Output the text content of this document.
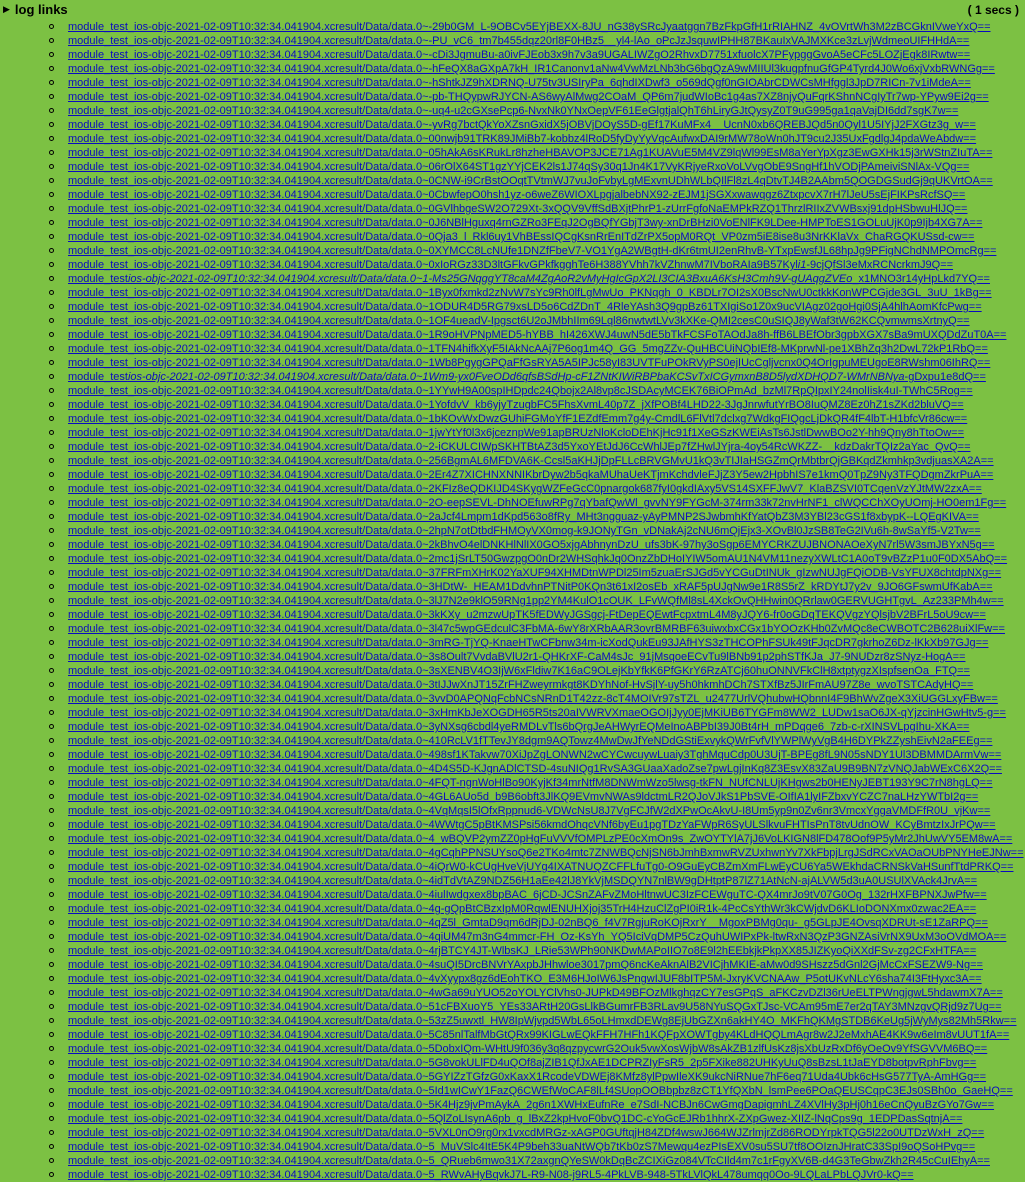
▶ log links	( 1 secs )
module_test_ios-objc-2021-02-09T10:32:34.041904.xcresult/Data/data.0~-29b0GM_L-9OBCv5EYjBEXX-8JU_nG38ySRcJyaatggn7BzFkpGfH1rRIAHNZ_4vOVrtWh3M2zBCGknIVweYxQ==
module_test_ios-objc-2021-02-09T10:32:34.041904.xcresult/Data/data.0~-PU_vC6_tm7b455dqz20rl8F0HBz5__yl4-lAo_oPcJzJsquwIPHH87BKauIxVAJMXKce3zLvjWdmeoUIFHHdA==
module_test_ios-objc-2021-02-09T10:32:34.041904.xcresult/Data/data.0~-cDi3JgmuBu-a0ivFJEob3x9h7v3a9UGALIWZgO2RhvxD7751xfuolcX7PFypggGvoA5eCFc5LOZjEgk8IRwtw==
module_test_ios-objc-2021-02-09T10:32:34.041904.xcresult/Data/data.0~-hFeQX8aGXpA7kH_IR1Canonv1aNw4VwMzLNb3bG6bgQzA9wMIIUl3kugpfnuGfGP4Tyrd4J0Wo6xjVxbRWNGg==
module_test_ios-objc-2021-02-09T10:32:34.041904.xcresult/Data/data.0~-hShtkJZ9hXDRNQ-U75tv3USIryPa_6qhdIXDwf3_o569dQgf0nGIOAbrCDWCsMHfggl3JpD7RICn-7v1iMdeA==
module_test_ios-objc-2021-02-09T10:32:34.041904.xcresult/Data/data.0~-pb-THQypwRJYCN-AS6wyAlMwg2COaM_QP6m7judWIoBc1g4as7XZ8njyQuFqrKShnNCgIyTr7wp-YPyw9Ei2g==
module_test_ios-objc-2021-02-09T10:32:34.041904.xcresult/Data/data.0~-uq4-u2cGXsePcp6-NvxNk0YNxOepVF61EeGlgtjalQhT6hLiryGJtQysyZ0T9uG995ga1qaVajDI6dd7sgK7w==
module_test_ios-objc-2021-02-09T10:32:34.041904.xcresult/Data/data.0~-yvRg7bctQkYoXZsnGxidX5jOBVjDOyS5D-gEf17KuMFx4__UcnN0xb6QREBJQd5n0Qyl1U5IYjJ2FXGtz3g_w==
module_test_ios-objc-2021-02-09T10:32:34.041904.xcresult/Data/data.0~00nwjb91TRK89JMiBb7-kobbz4lRoD5fyDyYyVqcAufwxDAI9rMW78oWn0hJT9cu2J35UxFgdlgJ4pdaWeAbdw==
module_test_ios-objc-2021-02-09T10:32:34.041904.xcresult/Data/data.0~05hAkA6sKRukLr8hzheHBAVOP3JCE71Ag1KUAVuE5M4VZ9lqWl99EsM8aYerYpXgz3EwGXHk15j3rWStnZIuTA==
module_test_ios-objc-2021-02-09T10:32:34.041904.xcresult/Data/data.0~06rOlX64ST1gzYYjCEK2ls1J74qSy30q1Jn4K17VyKRjyeRxoVoLVvgObE9SngHf1hVODjPAmeiviSNlAx-VQg==
module_test_ios-objc-2021-02-09T10:32:34.041904.xcresult/Data/data.0~0CNW-i9CrBstOOqtTVtmWJ7vuJoFvbyLgMExvnUDhWLbQIlFl8zL4qDtvTJ4B2AAbm5QOGDGSudGj9qUKVrtOA==
module_test_ios-objc-2021-02-09T10:32:34.041904.xcresult/Data/data.0~0CbwfepO0hsh1yz-o6weZ6WIOXLpgjalbebNX92-zEJM1jSGXxwawqgz6ZtxpcvX7rH7lJeU5sEjFIKPsRcfSQ==
module_test_ios-objc-2021-02-09T10:32:34.041904.xcresult/Data/data.0~0GVlhbgeSW2O729Xt-3xQQV9VffSdBXjtPhrP1-zUrrFgfoNaEMPkRZQ1ThrzlRIIxZVWBsxj91dpHSbwuHlJQ==
module_test_ios-objc-2021-02-09T10:32:34.041904.xcresult/Data/data.0~0J6NBlHguxq4rnGZRo3FEqJ2OgBQfYGbjT3wy-xnDrBHzi0VoENlFK9LDee-HMPToES1GOLuUjK0p9Ijb4XG7A==
module_test_ios-objc-2021-02-09T10:32:34.041904.xcresult/Data/data.0~0Qja3_l_Rkl6uy1VhBEssIQCgKsnRrEnITdZrPX5opM0RQt_VP0zm5iE8ise8u3NrKKlaVx_ChaRGQKUSsd-cw==
module_test_ios-objc-2021-02-09T10:32:34.041904.xcresult/Data/data.0~0XYMCC8LcNUfe1DNZfFbeV7-VO1YgA2WBgtH-dKr6tmUI2enRhvB-YTxpEwsfJL68hpJg9PFigNChdNMPOmcRg==
module_test_ios-objc-2021-02-09T10:32:34.041904.xcresult/Data/data.0~0xIoRGz33D3ltGFkvGPkfkgghTe6H388YVhh7kVZhnwM7IVboRAIa9B57Kyli1-9cjQfSl3eMxRCNcrkmJ9Q==
module_testios-objc-2021-02-09T10:32:34.041904.xcresult/Data/data.0~1-Ms25GNqggYT8caM4ZgAoR2vMyHgIcGpX2LI3CIA3BxuA6KsH3Cmh9V-gUAqgZVEo_x1MNO3r14yHpLkd7YQ==
module_test_ios-objc-2021-02-09T10:32:34.041904.xcresult/Data/data.0~1Byx0fxmkd2zNvW7sYc9Rh0lfLgMwUo_PKNqgh_0_KBDLr7OI2sX0BscNwU0ctkkKonWPCGjde3GL_3uU_1kBg==
module_test_ios-objc-2021-02-09T10:32:34.041904.xcresult/Data/data.0~1ODUR4D5RG79xsLD5o6CdZDnT_4RleYAsh3Q9gpBz61TXIgiSo1Z0x9ucVIAgz02goHgi0SjA4hlhAomKfcPwg==
module_test_ios-objc-2021-02-09T10:32:34.041904.xcresult/Data/data.0~1OF4ueadV-Ipgsct6U2oJMbhIIm69Lql86nwtwtLVv3kXKe-QMI2cesC0uSIQJ8yWaf3tW62KCQvmwmsXrtnyQ==
module_test_ios-objc-2021-02-09T10:32:34.041904.xcresult/Data/data.0~1R9oHVPNpMED5-hYBB_hI426XWJ4uwN5dE5bTkFCSFoTAOdJa8h-ffB6LBEfObr3gpbXGX7sBa9mUXQDdZuT0A==
module_test_ios-objc-2021-02-09T10:32:34.041904.xcresult/Data/data.0~1TFN4hifkXyF5IAkNcAAj7P6og1m4Q_GG_5mgZZv-QuHBCUiNQbIEf8-MKprwNl-pe1XBhZq3h2DwL72kP1RbQ==
module_test_ios-objc-2021-02-09T10:32:34.041904.xcresult/Data/data.0~1Wb8PgygGPQaFfGsRYA5A5IPJc58yI83UVTFuPOkRVyPS0ejIUcCgljvcnx0Q4OrIgpuMEUgoE8RWshm06IhRQ==
module_testios-objc-2021-02-09T10:32:34.041904.xcresult/Data/data.0~1Wm9-yx0FveODd6qfsBSdHp-cF1ZNtKIWiRBPbaKCSvTxICGymxnB8D5lydXDHQD7-WMrNBNya-gDxpu1e8dQ==
module_test_ios-objc-2021-02-09T10:32:34.041904.xcresult/Data/data.0~1YYwH9A00spIHDpdc24Qbojx2Al8vp8cJSDAcyMCEK76BiOPmAd_bzMl7RpQIpxIY24nolIisk4uI-TWhC5Rog==
module_test_ios-objc-2021-02-09T10:32:34.041904.xcresult/Data/data.0~1YofdvV_kb6yjyTzugbFC5FhsXvmL40p7Z_jXfPOBf4LHD22-3JgJnrwfutYrBO8IuQMZ8Ez0hZ1sZKd2bluVQ==
module_test_ios-objc-2021-02-09T10:32:34.041904.xcresult/Data/data.0~1bKOvWxDwzGUhiFGMoYfF1EZdfEmm7g4y-CmdlL6FlVtl7dclxg7WdkgFIQgcLjDkQR4fF4lbT-H1bfcVr86cw==
module_test_ios-objc-2021-02-09T10:32:34.041904.xcresult/Data/data.0~1jwYtYf0l3x6jceznpWe91apBRUzNloKcloDEhKjHc91f1XeGSzKWEiAsTs6JstlDwwBOo2Y-hh9Qny8hTtoOw==
module_test_ios-objc-2021-02-09T10:32:34.041904.xcresult/Data/data.0~2-iCKULCIWpSKHTBtAZ3d5YxoYEtJdJ6CcWhlJEp7fZHwlJYjra-4oy54RcWKZZ-__kdzDakrTQIz2aYac_QvQ==
module_test_ios-objc-2021-02-09T10:32:34.041904.xcresult/Data/data.0~256BgmAL6MFDVA6K-Ccsl5aKHJjDpFLLcBRVGMvU1kQ3vTIJIaHSGZmQrMbtbrQjGBKqdZkmhkp3vdjuasXA2A==
module_test_ios-objc-2021-02-09T10:32:34.041904.xcresult/Data/data.0~2Er4Z7XICHNXNNIKbrDyw2b5qkaMUhaUeKTjmKchdvleFJjZ3Y5ew2HpbhIS7e1kmQ0TpZ9Ny3TFQDgmZkrPuA==
module_test_ios-objc-2021-02-09T10:32:34.041904.xcresult/Data/data.0~2KFIz8eQDKIJD4SKygWZFeGcC0pnargok687fyI0gkdIAxy5VS14SXFFJwV7_KlaBZSVI0TCqenVzYJtMW2zxA==
module_test_ios-objc-2021-02-09T10:32:34.041904.xcresult/Data/data.0~2O-eepSEVL-DhNOEfuwRPg7qYbafQwWl_gvvNY9FYGcM-374rm33k72nvHrNF1_clWQCChXOyUOmj-HO0em1Fg==
module_test_ios-objc-2021-02-09T10:32:34.041904.xcresult/Data/data.0~2aJcf4Lmpm1dKpd563o8fRy_MHt3ngguaz-yAyPMNP2SJwbmhKfYatQbZ3M3YBl23cGS1f8xbypK--LQEgKIVA==
module_test_ios-objc-2021-02-09T10:32:34.041904.xcresult/Data/data.0~2hpN7otDtbdFHMOyVX0mog-k9JONyTGn_vDNakAj2cNU6mQjEjx3-XOvBl0JzSB8TeG2IVu6h-8wSaYf5-V2Tw==
module_test_ios-objc-2021-02-09T10:32:34.041904.xcresult/Data/data.0~2kBhvO4elDNKHlNlIX0GO5xjgAbhnynDzU_ufs3bK-97hy3oSgp6EMYCRKZUJBNONAOeXyN7rl5W3smJBYxN5g==
module_test_ios-objc-2021-02-09T10:32:34.041904.xcresult/Data/data.0~2mc1jSrLT50GwzpgO0nDr2WHSqhkJq0OnzZbDHoIYIW5omAU1N4VM11nezyXWLtC1A0oT9vBZzP1u0F0DX5AbQ==
module_test_ios-objc-2021-02-09T10:32:34.041904.xcresult/Data/data.0~37FRFmXHrK02YaXUF94XHMDtnWPDl25Im5zuaErSJGd5vYCGuDtINUk_gIzwNUJgFQiODB-VsYFUX8chtdpNXg==
module_test_ios-objc-2021-02-09T10:32:34.041904.xcresult/Data/data.0~3HDtW-_HEAM1DdvhnPTNitP0KQn3t61xI2osEb_xRAF5pUJgNw9e1R8S5rZ_kRDYtJ7y2v_9JO6GFswmUfKabA==
module_test_ios-objc-2021-02-09T10:32:34.041904.xcresult/Data/data.0~3lJ7N2e9klO59RNg1pp2YM4KulO1cOUK_LFvWQfMl8sL4XckOvQHHwin0QRrlaw0GERVUGHTgvL_Az233PMh4w==
module_test_ios-objc-2021-02-09T10:32:34.041904.xcresult/Data/data.0~3kKXy_u2mzwUpTK5fEDWyJGSgcj-FtDepEQEwtFcpxtmL4M8yJQY6-fr0oGDqTEKQVgzYQlsjbV2BFrL5oU9cw==
module_test_ios-objc-2021-02-09T10:32:34.041904.xcresult/Data/data.0~3l47c5wpGEdculC3FbMA-6wY8rXRbAAR3ovrBMRBF63uiwxbxCGx1bYOOzKHb0ZvMQc8eCWBOTC2B628uiXlFw==
module_test_ios-objc-2021-02-09T10:32:34.041904.xcresult/Data/data.0~3mRG-TjYQ-KnaeHTwCFbnw34m-icXodQukEu93JAfHYS3zTHCOPhFSUk49tFJqcDR7gkrhoZ6Dz-lKkXb97GJg==
module_test_ios-objc-2021-02-09T10:32:34.041904.xcresult/Data/data.0~3s8Oult7VvdaBVlU2r1-QHKrXF-CaM4sJc_91jMsqoeECvTu9lBNb91p2phSTfKJa_J7-9NUDzr8zSNyz-HogA==
module_test_ios-objc-2021-02-09T10:32:34.041904.xcresult/Data/data.0~3sXENBV4O3IjW6xFldiw7K16aC9OLejKbYfkK6PfGKrY6RzATCj60huONNVFkClH8xtptygzXIspfsenOa_FTQ==
module_test_ios-objc-2021-02-09T10:32:34.041904.xcresult/Data/data.0~3tIJJwXnJT15ZrFHZweyrmkgt8KDYhNof-HvSjlY-uy5h0hkmhDCh7STXfBz5JIrFmAU97Z8e_wvoTSTCAdyHQ==
module_test_ios-objc-2021-02-09T10:32:34.041904.xcresult/Data/data.0~3vvD0APQNqFcbNCsNRnD1T42zz-8cT4MOIVr97sTZL_u2477UrlVQhubwHQbnnI4F9BhWvZgeX3XiUGGLxyFBw==
module_test_ios-objc-2021-02-09T10:32:34.041904.xcresult/Data/data.0~3xHmKbJeXOGDH65R5ts20aIVWRVXmaeOGOIjJyy0EjMKiUB6TYGFm8WW2_LUDw1saO6JX-qYjzcinHGwHtv5-g==
module_test_ios-objc-2021-02-09T10:32:34.041904.xcresult/Data/data.0~3yNXsg6cbdl4yeRMDLvTls6bQrgJeAHWyrEQMeInoABPbI39J0Bt4rH_mPDqge6_7zb-c-rXINSVLpgIhu-XKA==
module_test_ios-objc-2021-02-09T10:32:34.041904.xcresult/Data/data.0~410RcLV1fTTevJY8dgm9AQTowz4MwDwJfYeNDdGStiExvykQWrFvfVlYWPlWyVgB4H6DYPkZZyshEivN2aFEEg==
module_test_ios-objc-2021-02-09T10:32:34.041904.xcresult/Data/data.0~498sf1KTakvw70XiJpZgLONWN2wCYCwcuywLuaiy3TghMquCdp0U3UjT-BPEg8fL9N05sNDY1Ul3DBMMDArmVw==
module_test_ios-objc-2021-02-09T10:32:34.041904.xcresult/Data/data.0~4D4S5D-KJgnADlCTSD-4suNIQg1RvSA3GUaaXadoZse7pwLgjInKq8Z3EsvX83ZaU9B9BN7zVNQJabWExC6X2Q==
module_test_ios-objc-2021-02-09T10:32:34.041904.xcresult/Data/data.0~4FQT-ngnWoHlBo90KyjKf34mrNtfM8DNWmWzo5lwsg-tkFN_NUfCNLUjKHgws2b0HENyJEBT193Y9C7rN8hgLQ==
module_test_ios-objc-2021-02-09T10:32:34.041904.xcresult/Data/data.0~4GL6AUo5d_b9B6obft3JlKQ9EVmvNWAs9ldctmLR2QJoVJkS1PbSVE-OIfIA1lyIFZbxvYCZC7naLHzYWTbI2g==
module_test_ios-objc-2021-02-09T10:32:34.041904.xcresult/Data/data.0~4VqMqsI5lOfxRppnud6-VDWcNsU8J7VgFCJfW2dXPwOcAkvU-I8Um5yp9n0Zv6nr3VmcxYggaVMDFfR0U_vjKw==
module_test_ios-objc-2021-02-09T10:32:34.041904.xcresult/Data/data.0~4WWtgC5pBtKMSPsi56kmdOhqcVNf6byEu1pgTDzYaFWpR6SyULSlkvuFHTIsPnT8tvUdnOW_KCyBmtzIxJrPQw==
module_test_ios-objc-2021-02-09T10:32:34.041904.xcresult/Data/data.0~4_wBQVP2ymZZ0pHgFuVVVfOMPLzPE0cXmOn9s_ZwOYTYlA7jJ6VoLKIGN8lFD478Oof9P5yMr2JhUwVY5EM8wA==
module_test_ios-objc-2021-02-09T10:32:34.041904.xcresult/Data/data.0~4gCqhPPNSUYsoQ6e2TKo4mtc7ZNWBQcNjSN6bJmhBxmwRVZUxhwnYv7XkFbpjLrgJSdRCxVAOaOUbPNYHeEJNw==
module_test_ios-objc-2021-02-09T10:32:34.041904.xcresult/Data/data.0~4iQrW0-kCUgHveVjUYg4IXATNUQZCFFLfuTg0-O9GuEyCBZmXmFLwEyCU6Ya5WEkhdaCRNSkVaHSunfTtdPRKQ==
module_test_ios-objc-2021-02-09T10:32:34.041904.xcresult/Data/data.0~4idTdVtAZ9NDZ56H1aEe42lJ8YkVjMSDQYN7nlBW9gDHtptP87lZ71AtNcN-ajALVW5d3uA0USUlXVAck4JrvA==
module_test_ios-objc-2021-02-09T10:32:34.041904.xcresult/Data/data.0~4iulIwdgxex8bpBAC_6jCD-JCSnZAFvZMoHltnwUC3IzFCEWguTC-QX4mrJo9tV07G0Og_132rHXFBPNXJwPfw==
module_test_ios-objc-2021-02-09T10:32:34.041904.xcresult/Data/data.0~4g-gQpBtCBzxIpM0RqwlENUHXjoj35TrH4HzuClZgPI0iR1k-4PcCsYthWr3kCWjdvD6KLIoDONXmx0zwac2EA==
module_test_ios-objc-2021-02-09T10:32:34.041904.xcresult/Data/data.0~4qZ5l_GmtaD9qm6dRjDJ-02nBQ6_f4V7RgjuRoKOjRxrY__MgoxPBMg0qu-_g5GLpJE4OvsqXDRUt-sE1ZaRPQ==
module_test_ios-objc-2021-02-09T10:32:34.041904.xcresult/Data/data.0~4qiUM47m3nG4mmcr-FH_Oz-KsYh_YQ5IciVqDMP5CzQuhUWIPxPk-ltwRxN3QzP3GNZAsiVrNX9UxM3oOVdMOA==
module_test_ios-objc-2021-02-09T10:32:34.041904.xcresult/Data/data.0~4rjBTCY4JT-WlbsKJ_LRie53WPh90NKDwMAPoIIO7o8E9l2hEEbkjkPkpXX85JIZKyoQiXXdFSv-zg2CFxHTFA==
module_test_ios-objc-2021-02-09T10:32:34.041904.xcresult/Data/data.0~4suQI5DrcBNVrYAxpbJHhwloe3017pmQ6ncKeAknAlB2VICjhMKIE-aMw0d9SHszz5dGnl2GjMcCxFSEZW9-Ng==
module_test_ios-objc-2021-02-09T10:32:34.041904.xcresult/Data/data.0~4vXyypx8gz6dEohTKO_E3M6HJoIW6JsPngwIJUF8bITP5M-JxryKVCNAAw_P5otUKvNLcY6sha74I3FtHyxc3A==
module_test_ios-objc-2021-02-09T10:32:34.041904.xcresult/Data/data.0~4wGa69uYUO52oYOLYClVhs0-JUPkD49BFOzMlkghqzCY7esGPqS_aFKCzvDZl36rUeELTPWngjgwL5hdawmX7A==
module_test_ios-objc-2021-02-09T10:32:34.041904.xcresult/Data/data.0~51cFBXuoY5_YEs33ARtH20GsLlkBGumrFB3RLav9U58NYuSQGxTJsc-VCAm95mE7er2qTAY3MNzgvQRjd9z7Ug==
module_test_ios-objc-2021-02-09T10:32:34.041904.xcresult/Data/data.0~53zZ5uwxtl_HW8IpWjvpd5WbL65oLHmxdDEWg8EjUbGZXn6akHY4O_MKFhQKMgSTDB6KeUg5jWyMys82Mh5Rkw==
module_test_ios-objc-2021-02-09T10:32:34.041904.xcresult/Data/data.0~5C85nlTalfMbGtQRx99KIGLwEQkFFH7HFh1KQFpXOWTgby4KLdHQQLmAgr8w2J2eMxhAE4KK9w6eIm8vUUT1fA==
module_test_ios-objc-2021-02-09T10:32:34.041904.xcresult/Data/data.0~5DobxIQm-WHtU9f036y3q8qzpycwrG2Ouk5vwXosWjbW8sAkZB1zlfUsKz8jsXbUzRxDf6yOeOv9YfSGVVM6BQ==
module_test_ios-objc-2021-02-09T10:32:34.041904.xcresult/Data/data.0~5G8vokULlFD4uQOf8ajZIB1QfJxAE1DCPRZIyFsR5_2p5FXike882UHKyUuQ8sBzsL1tJaEYD8botpvRphFbvg==
module_test_ios-objc-2021-02-09T10:32:34.041904.xcresult/Data/data.0~5GYIZzTGfzG0xKaxX1RcodeVDWEj8KMfz8ylPpwIleXK9ukcNiRNue7hF6eq71Uda4Ubk6cHsG577TyA-AmHGg==
module_test_ios-objc-2021-02-09T10:32:34.041904.xcresult/Data/data.0~5Id1wICwY1FazQ6CWEfWoCAF8lLf4SUopOOBbpbz8zCT1YfQXbN_lsmPee6POaQEUSCqpC3EJs0SBh0o_GaeHQ==
module_test_ios-objc-2021-02-09T10:32:34.041904.xcresult/Data/data.0~5K4Hjz9jvPmAykA_2g6n1XWHxEufnRe_e7SdI-NCBJn6CwGmgDapigmhLZ4XVlHy3pHj0h16eCnQyuBzGYo7Gw==
module_test_ios-objc-2021-02-09T10:32:34.041904.xcresult/Data/data.0~5QlZoLIsynA6pb_g_lBxZ2kpHvoF0bvQ1DC-cYoGcEJRb1hhrX-ZXpGwez-XIIZ-lNqCps9g_1EDPDasSqtnjA==
module_test_ios-objc-2021-02-09T10:32:34.041904.xcresult/Data/data.0~5VXL0nO9rg0rx1vxcdMRGz-xAGP0GUftqjH84ZDf4wswJ664WJZrlmjrZd86RODYrpkTQG5l22o0UTDzWxH_zQ==
module_test_ios-objc-2021-02-09T10:32:34.041904.xcresult/Data/data.0~5_MuVSlc4ItE5K4P9beh33uaNtWQb7tKb0zS7Mewqu4ezPIsEXV0su5SU7tf8OOIznJHratC33SpI9oQSoHPvg==
module_test_ios-objc-2021-02-09T10:32:34.041904.xcresult/Data/data.0~5_QRueb6mwo31X72axgnQYeSW0kDqBcZCIXiGz084VTcCIld4m7c1rFgyXV6B-d4G3TeGbwZkh2R45cCuIEhyA==
module_test_ios-objc-2021-02-09T10:32:34.041904.xcresult/Data/data.0~5_RWvAHyBqvkJ7L-R9-N08-j9RL5-4PkLVB-948-5TkLVlQkL478umqq0Oo-9LQLaLPbLQJVr0-kQ==
